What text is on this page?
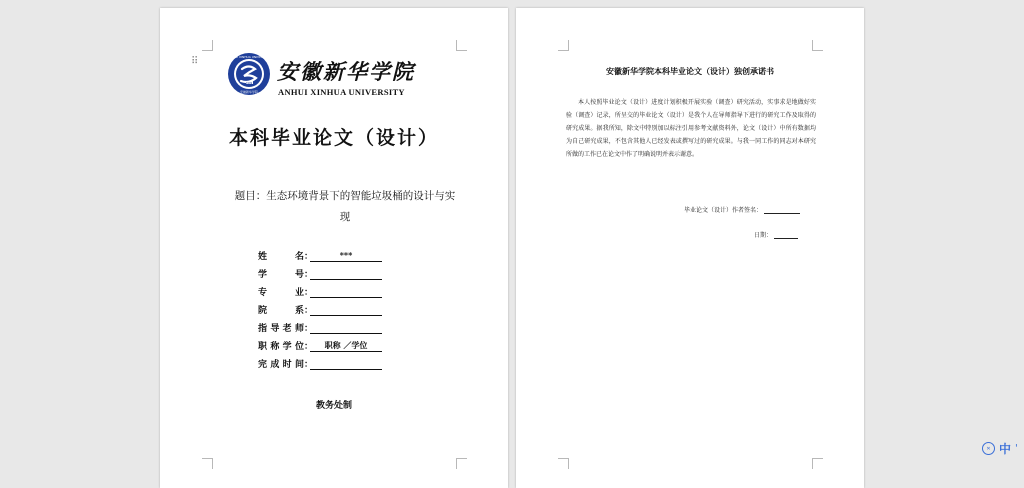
⠿	ANHUI XINHUA UNIVERSITY
安徽新华学院
1999 安徽新华学院
ANHUI XINHUA UNIVERSITY
本科毕业论文（设计）
题目：生态环境背景下的智能垃圾桶的设计与实
现
姓　名 ：	***
学　号 ：
专　业 ：
院　系 ：
指导老师 ：
职称学位 ：	职称 ／学位
完成时间 ：
教务处制
安徽新华学院本科毕业论文（设计）独创承诺书
本人按照毕业论文（设计）进度计划积极开展实验（调查）研究活动，实事求是地做好实验（调查）记录，所呈交的毕业论文（设计）是我个人在导师指导下进行的研究工作及取得的研究成果。据我所知，除文中特别加以标注引用参考文献资料外，论文（设计）中所有数据均为自己研究成果，不包含其他人已经发表或撰写过的研究成果。与我一同工作的同志对本研究所做的工作已在论文中作了明确说明并表示谢意。
毕业论文（设计）作者签名：
日期：
✕ 中 '
